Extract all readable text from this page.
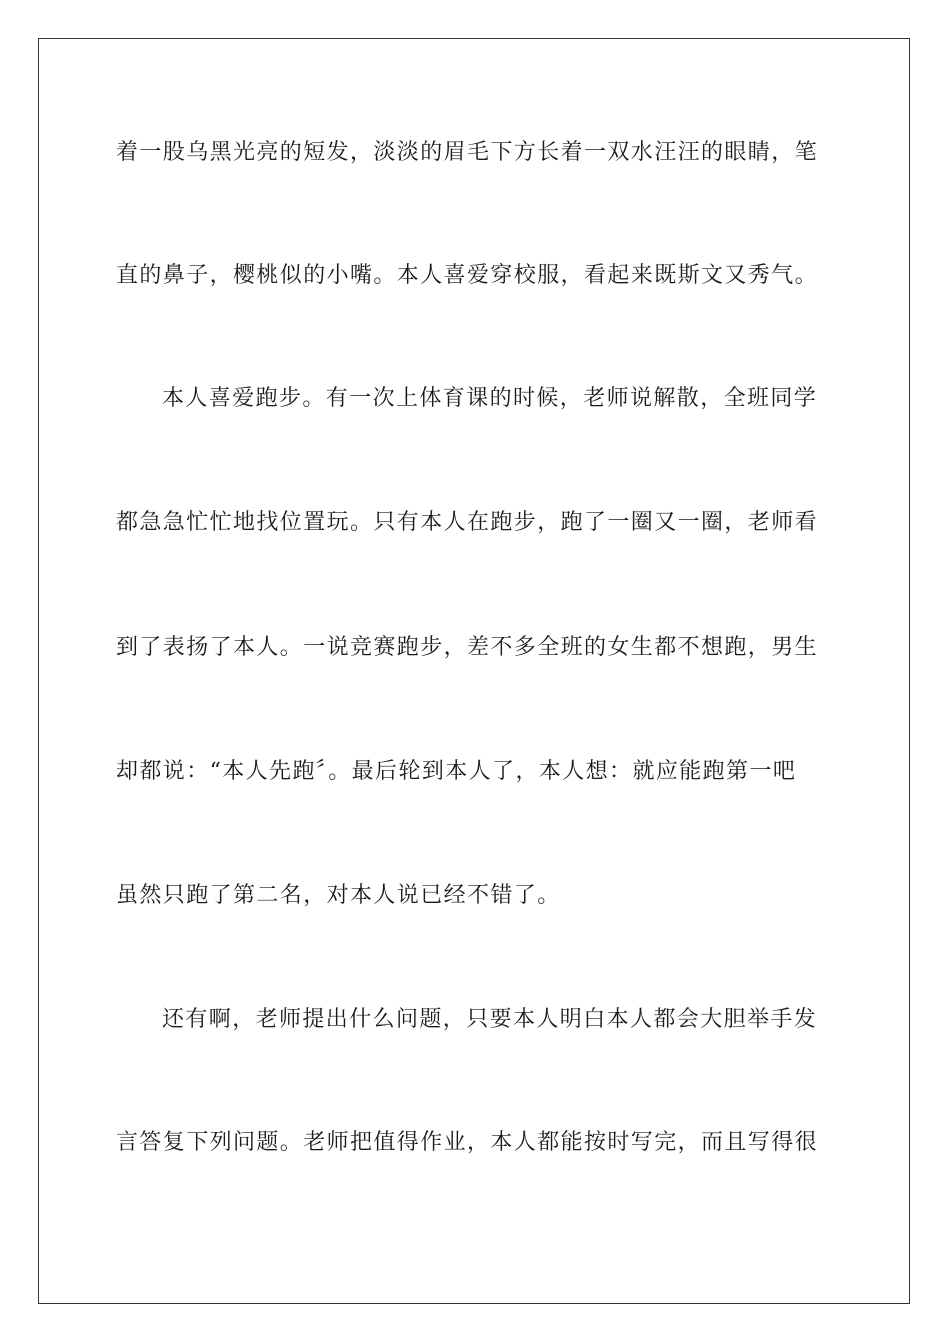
着一股乌黑光亮的短发，淡淡的眉毛下方长着一双水汪汪的眼睛，笔
直的鼻子，樱桃似的小嘴。本人喜爱穿校服，看起来既斯文又秀气。
本人喜爱跑步。有一次上体育课的时候，老师说解散，全班同学
都急急忙忙地找位置玩。只有本人在跑步，跑了一圈又一圈，老师看
到了表扬了本人。一说竞赛跑步，差不多全班的女生都不想跑，男生
却都说：“本人先跑〞。最后轮到本人了，本人想：就应能跑第一吧
虽然只跑了第二名，对本人说已经不错了。
还有啊，老师提出什么问题，只要本人明白本人都会大胆举手发
言答复下列问题。老师把值得作业，本人都能按时写完，而且写得很
